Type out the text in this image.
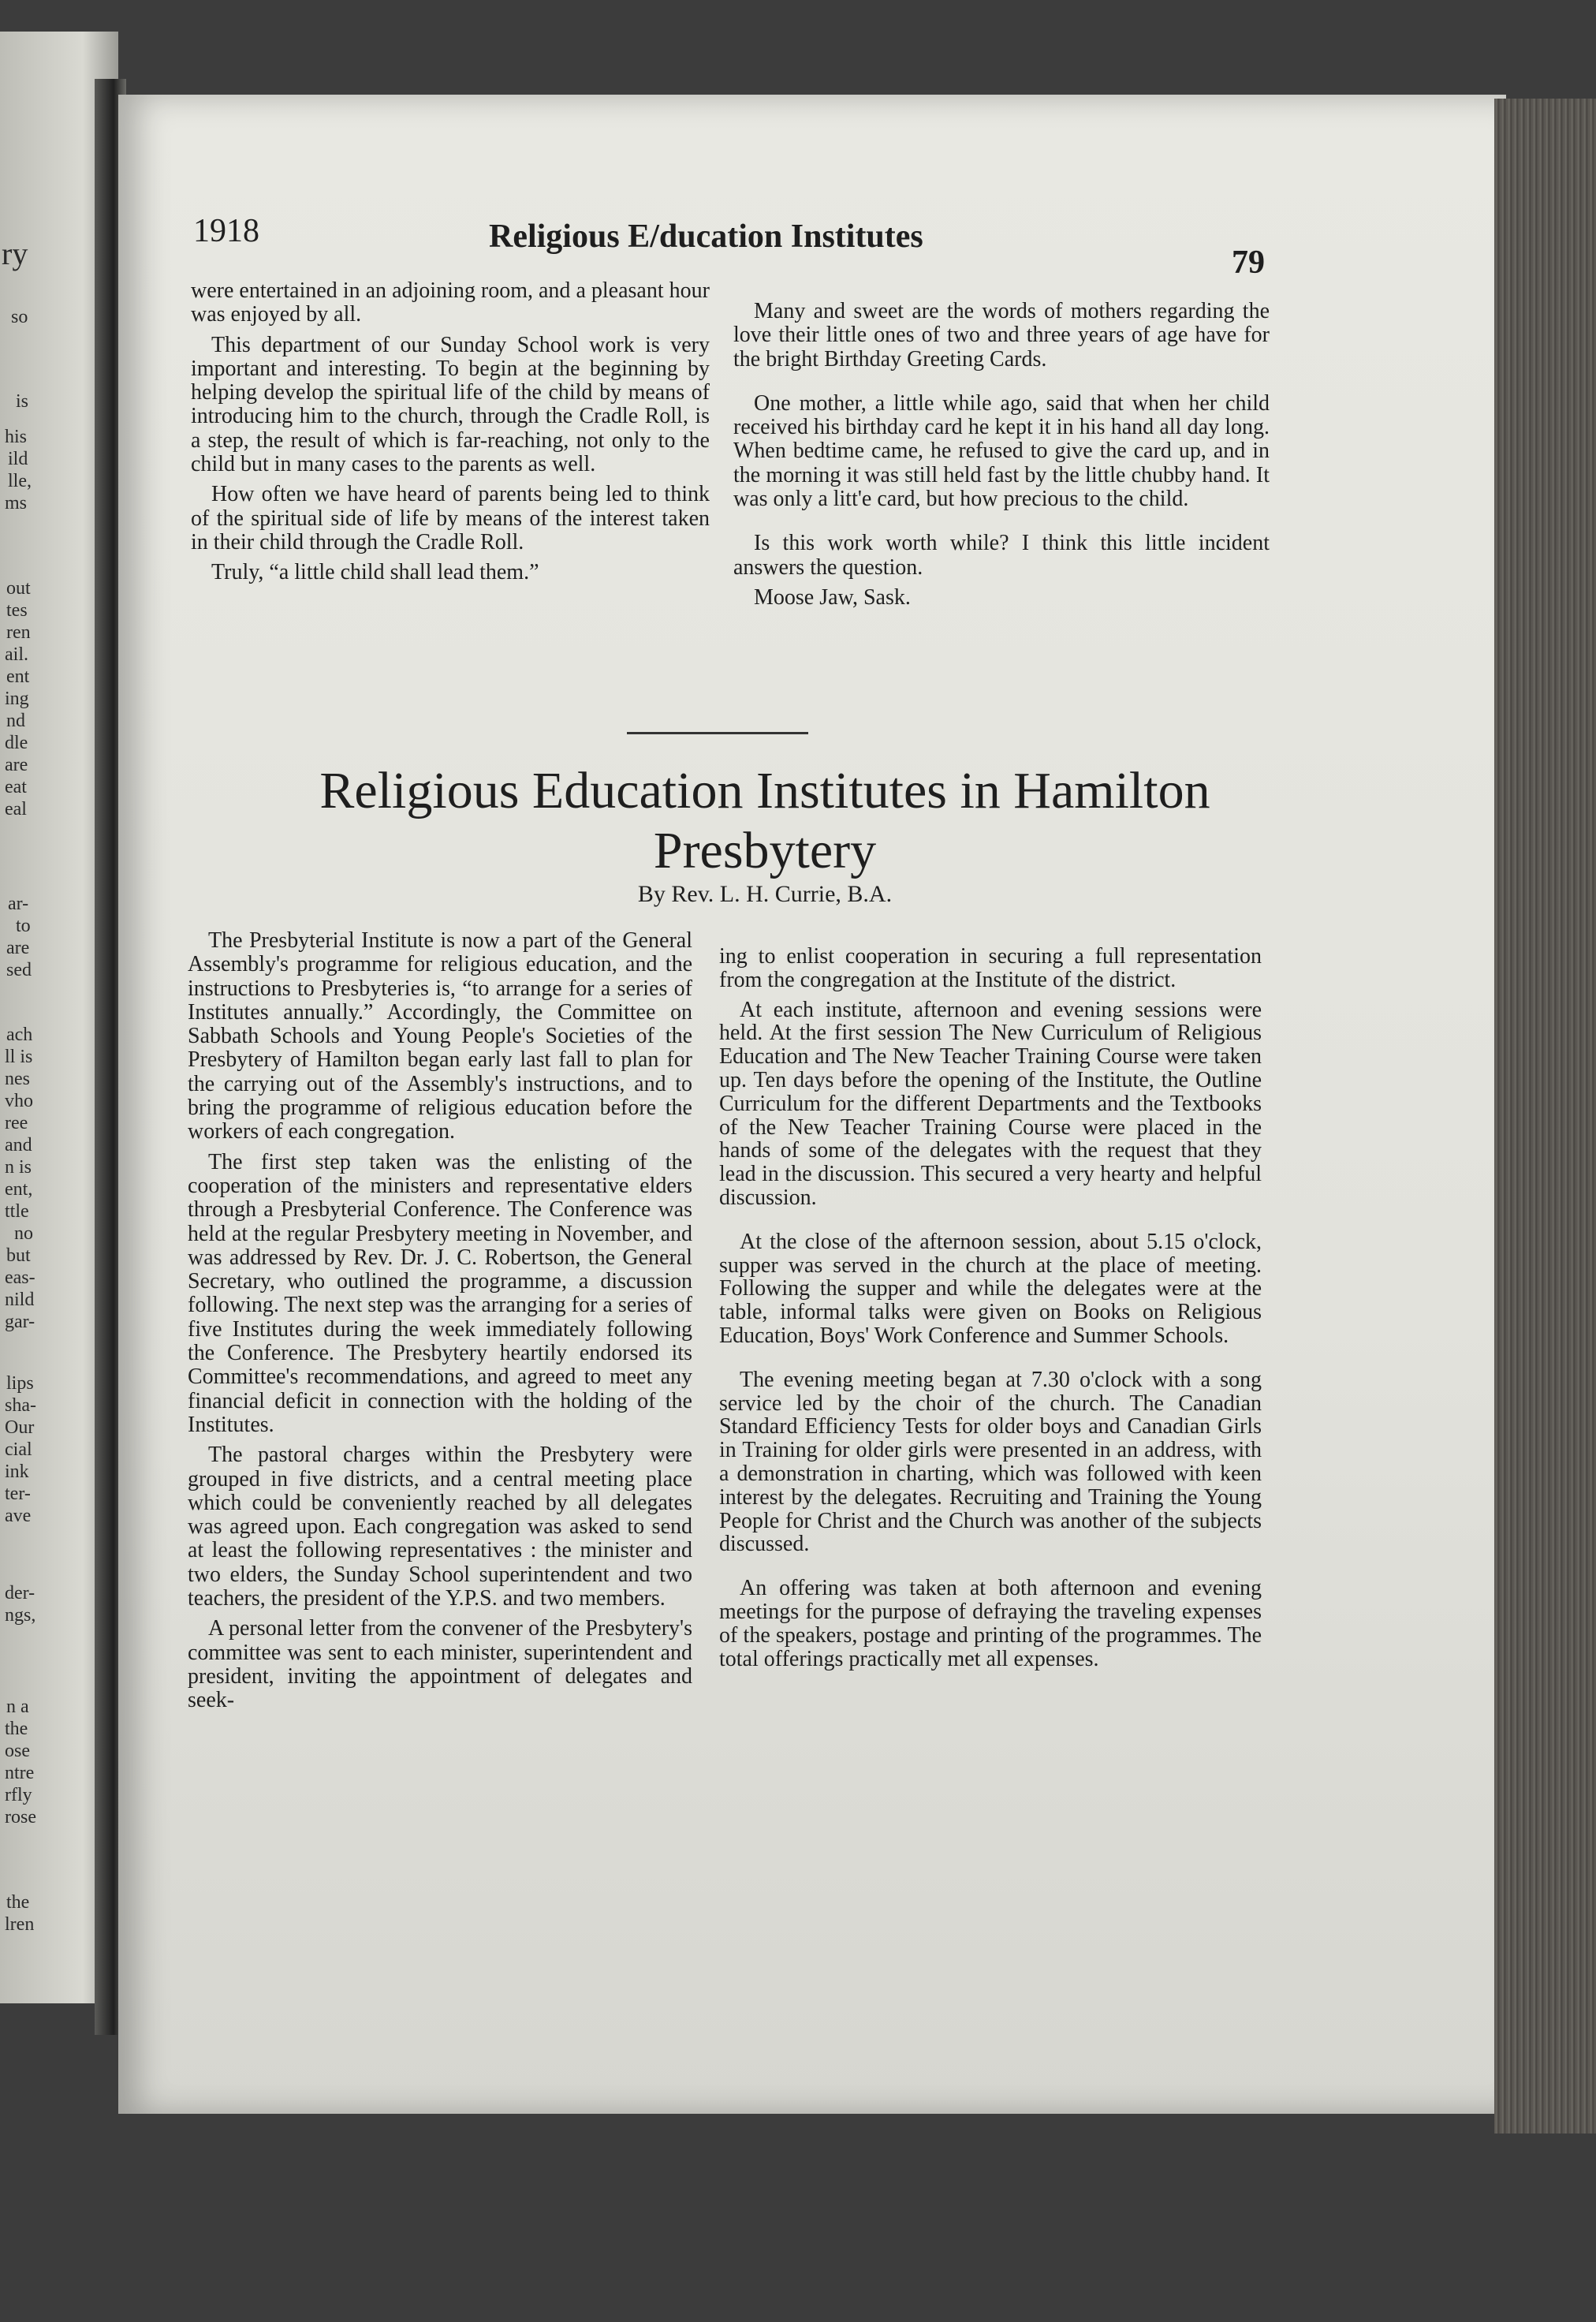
ry
so
is
his
ild
lle,
ms
out
tes
ren
ail.
ent
ing
nd
dle
are
eat
eal
ar-
to
are
sed
ach
ll is
nes
vho
ree
and
n is
ent,
ttle
no
but
eas-
nild
gar-
lips
sha-
Our
cial
ink
ter-
ave
der-
ngs,
n a
the
ose
ntre
rfly
rose
the
lren
1918	Religious E/ducation Institutes
79

were entertained in an adjoining room, and a pleasant hour was enjoyed by all.

This department of our Sunday School work is very important and interesting. To begin at the beginning by helping develop the spiritual life of the child by means of introducing him to the church, through the Cradle Roll, is a step, the result of which is far-reaching, not only to the child but in many cases to the parents as well.

How often we have heard of parents being led to think of the spiritual side of life by means of the interest taken in their child through the Cradle Roll.

Truly, “a little child shall lead them.”

Many and sweet are the words of mothers regarding the love their little ones of two and three years of age have for the bright Birthday Greeting Cards.

One mother, a little while ago, said that when her child received his birthday card he kept it in his hand all day long. When bedtime came, he refused to give the card up, and in the morning it was still held fast by the little chubby hand. It was only a litt'e card, but how precious to the child.

Is this work worth while? I think this little incident answers the question.

Moose Jaw, Sask.

Religious Education Institutes in Hamilton
Presbytery
By Rev. L. H. Currie, B.A.

The Presbyterial Institute is now a part of the General Assembly's programme for religious education, and the instructions to Presbyteries is, “to arrange for a series of Institutes annually.” Accordingly, the Committee on Sabbath Schools and Young People's Societies of the Presbytery of Hamilton began early last fall to plan for the carrying out of the Assembly's instructions, and to bring the programme of religious education before the workers of each congregation.

The first step taken was the enlisting of the cooperation of the ministers and representative elders through a Presbyterial Conference. The Conference was held at the regular Presbytery meeting in November, and was addressed by Rev. Dr. J. C. Robertson, the General Secretary, who outlined the programme, a discussion following. The next step was the arranging for a series of five Institutes during the week immediately following the Conference. The Presbytery heartily endorsed its Committee's recommendations, and agreed to meet any financial deficit in connection with the holding of the Institutes.

The pastoral charges within the Presbytery were grouped in five districts, and a central meeting place which could be conveniently reached by all delegates was agreed upon. Each congregation was asked to send at least the following representatives : the minister and two elders, the Sunday School superintendent and two teachers, the president of the Y.P.S. and two members.

A personal letter from the convener of the Presbytery's committee was sent to each minister, superintendent and president, inviting the appointment of delegates and seek-

ing to enlist cooperation in securing a full representation from the congregation at the Institute of the district.

At each institute, afternoon and evening sessions were held. At the first session The New Curriculum of Religious Education and The New Teacher Training Course were taken up. Ten days before the opening of the Institute, the Outline Curriculum for the different Departments and the Textbooks of the New Teacher Training Course were placed in the hands of some of the delegates with the request that they lead in the discussion. This secured a very hearty and helpful discussion.

At the close of the afternoon session, about 5.15 o'clock, supper was served in the church at the place of meeting. Following the supper and while the delegates were at the table, informal talks were given on Books on Religious Education, Boys' Work Conference and Summer Schools.

The evening meeting began at 7.30 o'clock with a song service led by the choir of the church. The Canadian Standard Efficiency Tests for older boys and Canadian Girls in Training for older girls were presented in an address, with a demonstration in charting, which was followed with keen interest by the delegates. Recruiting and Training the Young People for Christ and the Church was another of the subjects discussed.

An offering was taken at both afternoon and evening meetings for the purpose of defraying the traveling expenses of the speakers, postage and printing of the programmes. The total offerings practically met all expenses.
